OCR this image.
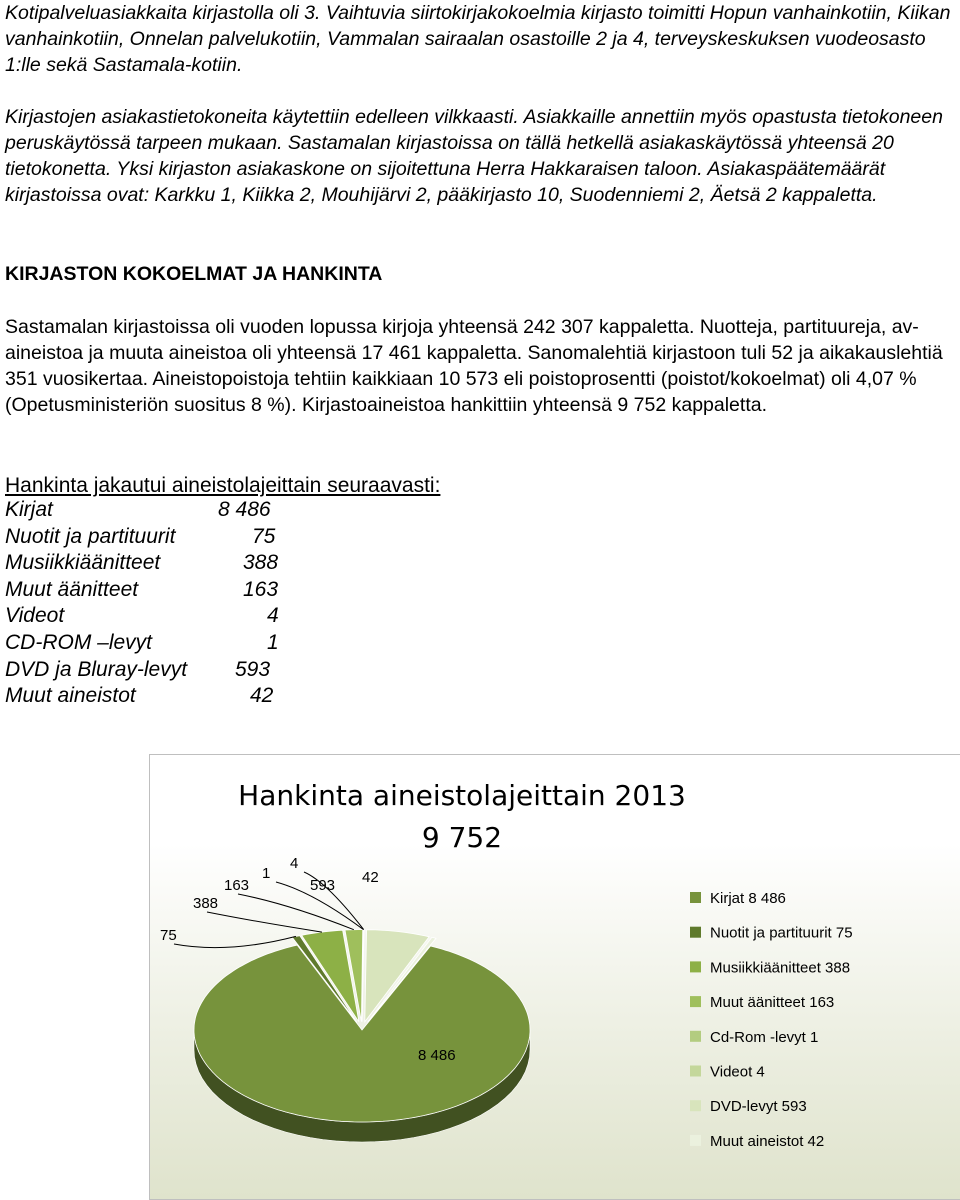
Kotipalveluasiakkaita kirjastolla oli 3. Vaihtuvia siirtokirjakokoelmia kirjasto toimitti Hopun vanhainkotiin, Kiikan vanhainkotiin, Onnelan palvelukotiin, Vammalan sairaalan osastoille 2 ja 4, terveyskeskuksen vuodeosasto 1:lle sekä Sastamala-kotiin.

Kirjastojen asiakastietokoneita käytettiin edelleen vilkkaasti. Asiakkaille annettiin myös opastusta tietokoneen peruskäytössä tarpeen mukaan. Sastamalan kirjastoissa on tällä hetkellä asiakaskäytössä yhteensä 20 tietokonetta. Yksi kirjaston asiakaskone on sijoitettuna Herra Hakkaraisen taloon. Asiakaspäätemäärät kirjastoissa ovat: Karkku 1, Kiikka 2, Mouhijärvi 2, pääkirjasto 10, Suodenniemi 2, Äetsä 2 kappaletta.

KIRJASTON KOKOELMAT JA HANKINTA

Sastamalan kirjastoissa oli vuoden lopussa kirjoja yhteensä 242 307 kappaletta. Nuotteja, partituureja, av-aineistoa ja muuta aineistoa oli yhteensä 17 461 kappaletta. Sanomalehtiä kirjastoon tuli 52 ja aikakauslehtiä 351 vuosikertaa. Aineistopoistoja tehtiin kaikkiaan 10 573 eli poistoprosentti (poistot/kokoelmat) oli 4,07 % (Opetusministeriön suositus 8 %). Kirjastoaineistoa hankittiin yhteensä 9 752 kappaletta.

Hankinta jakautui aineistolajeittain seuraavasti:
Kirjat	8 486
Nuotit ja partituurit	75
Musiikkiäänitteet	388
Muut äänitteet	163
Videot	4
CD-ROM –levyt	1
DVD ja Bluray-levyt 593
Muut aineistot	42
Hankinta aineistolajeittain 2013
9 752
8 486
75
388
163
1
4
593 42
Kirjat 8 486
Nuotit ja partituurit 75
Musiikkiäänitteet 388
Muut äänitteet 163
Cd-Rom -levyt 1
Videot 4
DVD-levyt 593
Muut aineistot 42
